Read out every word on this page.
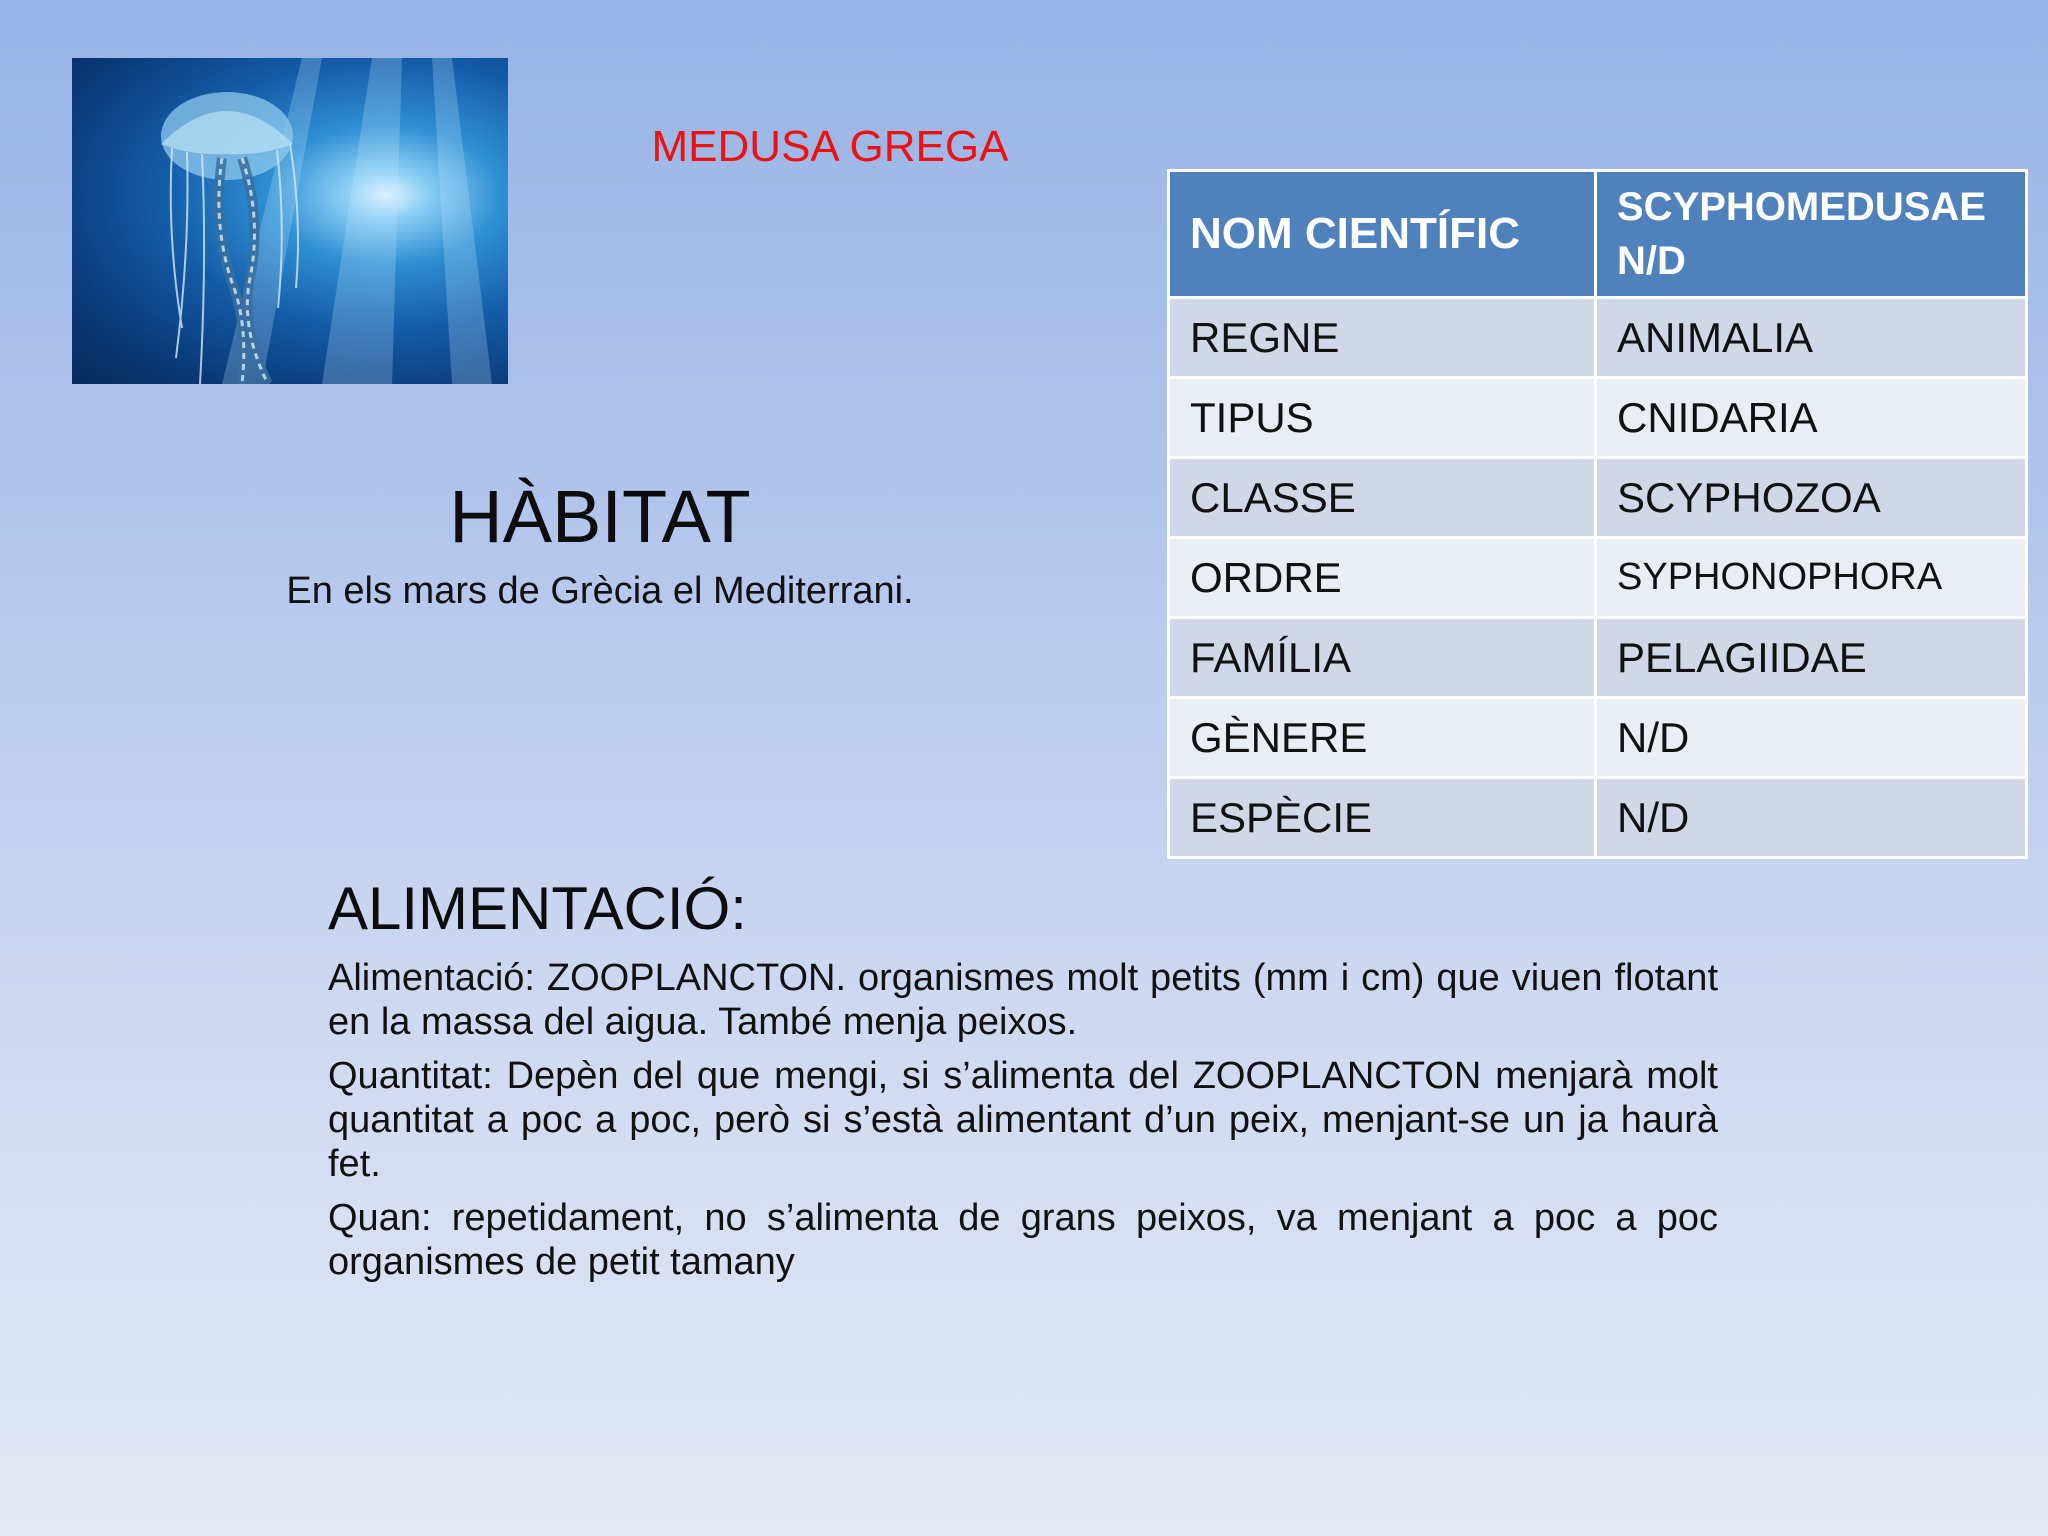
MEDUSA GREGA
HÀBITAT

En els mars de Grècia el Mediterrani.

NOM CIENTÍFIC	SCYPHOMEDUSAE N/D
REGNE	ANIMALIA
TIPUS	CNIDARIA
CLASSE	SCYPHOZOA
ORDRE	SYPHONOPHORA
FAMÍLIA	PELAGIIDAE
GÈNERE	N/D
ESPÈCIE	N/D
ALIMENTACIÓ:

Alimentació: ZOOPLANCTON. organismes molt petits (mm i cm) que viuen flotant en la massa del aigua. També menja peixos.

Quantitat: Depèn del que mengi, si s’alimenta del ZOOPLANCTON menjarà molt quantitat a poc a poc, però si s’està alimentant d’un peix, menjant-se un ja haurà fet.

Quan: repetidament, no s’alimenta de grans peixos, va menjant a poc a poc organismes de petit tamany
